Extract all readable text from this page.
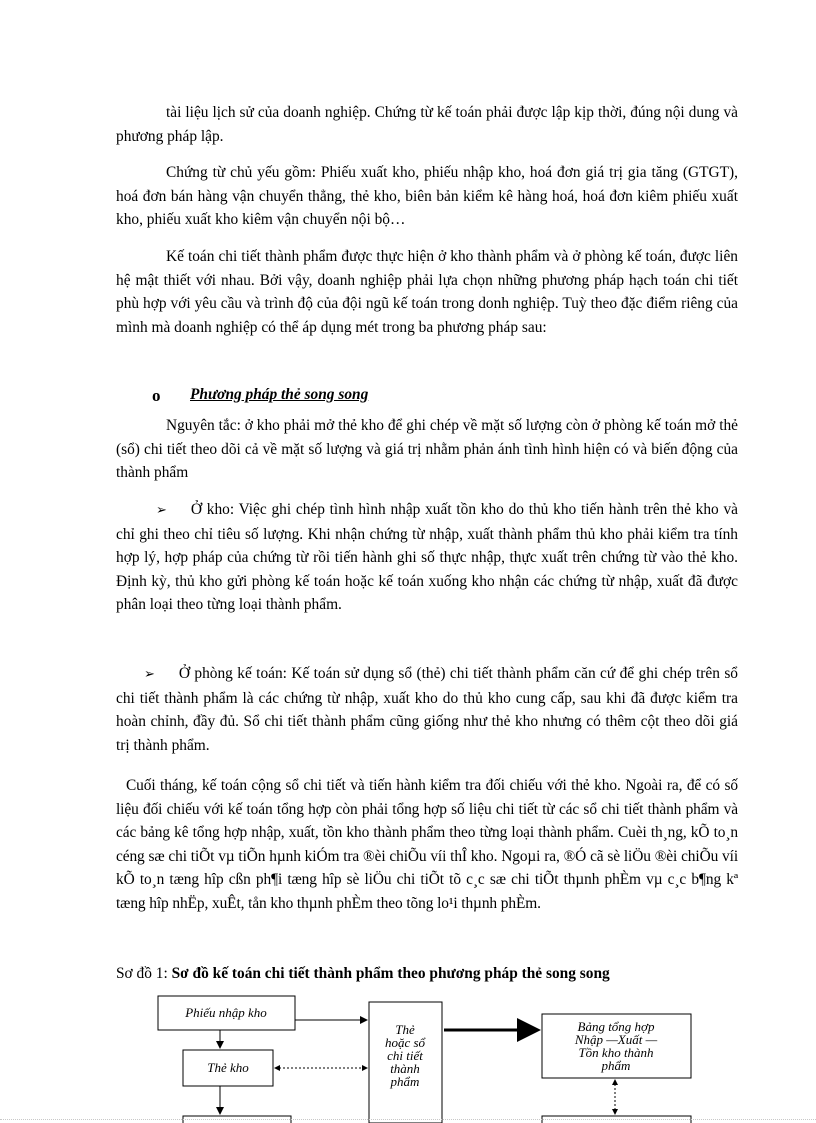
tài liệu lịch sử của doanh nghiệp. Chứng từ kế toán phải được lập kịp thời, đúng nội dung và phương pháp lập.

Chứng từ chủ yếu gồm: Phiếu xuất kho, phiếu nhập kho, hoá đơn giá trị gia tăng (GTGT), hoá đơn bán hàng vận chuyển thẳng, thẻ kho, biên bản kiểm kê hàng hoá, hoá đơn kiêm phiếu xuất kho, phiếu xuất kho kiêm vận chuyển nội bộ…

Kế toán chi tiết thành phẩm được thực hiện ở kho thành phẩm và ở phòng kế toán, được liên hệ mật thiết với nhau. Bởi vậy, doanh nghiệp phải lựa chọn những phương pháp hạch toán chi tiết phù hợp với yêu cầu và trình độ của đội ngũ kế toán trong donh nghiệp. Tuỳ theo đặc điểm riêng của mình mà doanh nghiệp có thể áp dụng mét trong ba phương pháp sau:

o Phương pháp thẻ song song

Nguyên tắc: ở kho phải mở thẻ kho để ghi chép về mặt số lượng còn ở phòng kế toán mở thẻ (sổ) chi tiết theo dõi cả về mặt số lượng và giá trị nhằm phản ánh tình hình hiện có và biến động của thành phẩm

➢ Ở kho: Việc ghi chép tình hình nhập xuất tồn kho do thủ kho tiến hành trên thẻ kho và chỉ ghi theo chỉ tiêu số lượng. Khi nhận chứng từ nhập, xuất thành phẩm thủ kho phải kiểm tra tính hợp lý, hợp pháp của chứng từ rồi tiến hành ghi số thực nhập, thực xuất trên chứng từ vào thẻ kho. Định kỳ, thủ kho gửi phòng kế toán hoặc kế toán xuống kho nhận các chứng từ nhập, xuất đã được phân loại theo từng loại thành phẩm.

➢ Ở phòng kế toán: Kế toán sử dụng sổ (thẻ) chi tiết thành phẩm căn cứ để ghi chép trên sổ chi tiết thành phẩm là các chứng từ nhập, xuất kho do thủ kho cung cấp, sau khi đã được kiểm tra hoàn chỉnh, đầy đủ. Sổ chi tiết thành phẩm cũng giống như thẻ kho nhưng có thêm cột theo dõi giá trị thành phẩm.

Cuối tháng, kế toán cộng sổ chi tiết và tiến hành kiểm tra đối chiếu với thẻ kho. Ngoài ra, để có số liệu đối chiếu với kế toán tổng hợp còn phải tổng hợp số liệu chi tiết từ các sổ chi tiết thành phẩm và các bảng kê tổng hợp nhập, xuất, tồn kho thành phẩm theo từng loại thành phẩm. Cuèi th¸ng, kÕ to¸n céng sæ chi tiÕt vµ tiÕn hµnh kiÓm tra ®èi chiÕu víi thÎ kho. Ngoµi ra, ®Ó cã sè liÖu ®èi chiÕu víi kÕ to¸n tæng hîp cßn ph¶i tæng hîp sè liÖu chi tiÕt tõ c¸c sæ chi tiÕt thµnh phÈm vµ c¸c b¶ng kª tæng hîp nhËp, xuÊt, tån kho thµnh phÈm theo tõng lo¹i thµnh phÈm.

Sơ đồ 1: Sơ đồ kế toán chi tiết thành phẩm theo phương pháp thẻ song song
Phiếu nhập kho
Thẻ kho
Thẻ
hoặc sổ
chi tiết
thành
phẩm
Bảng tổng hợp
Nhập —Xuất —
Tồn kho thành
phẩm
